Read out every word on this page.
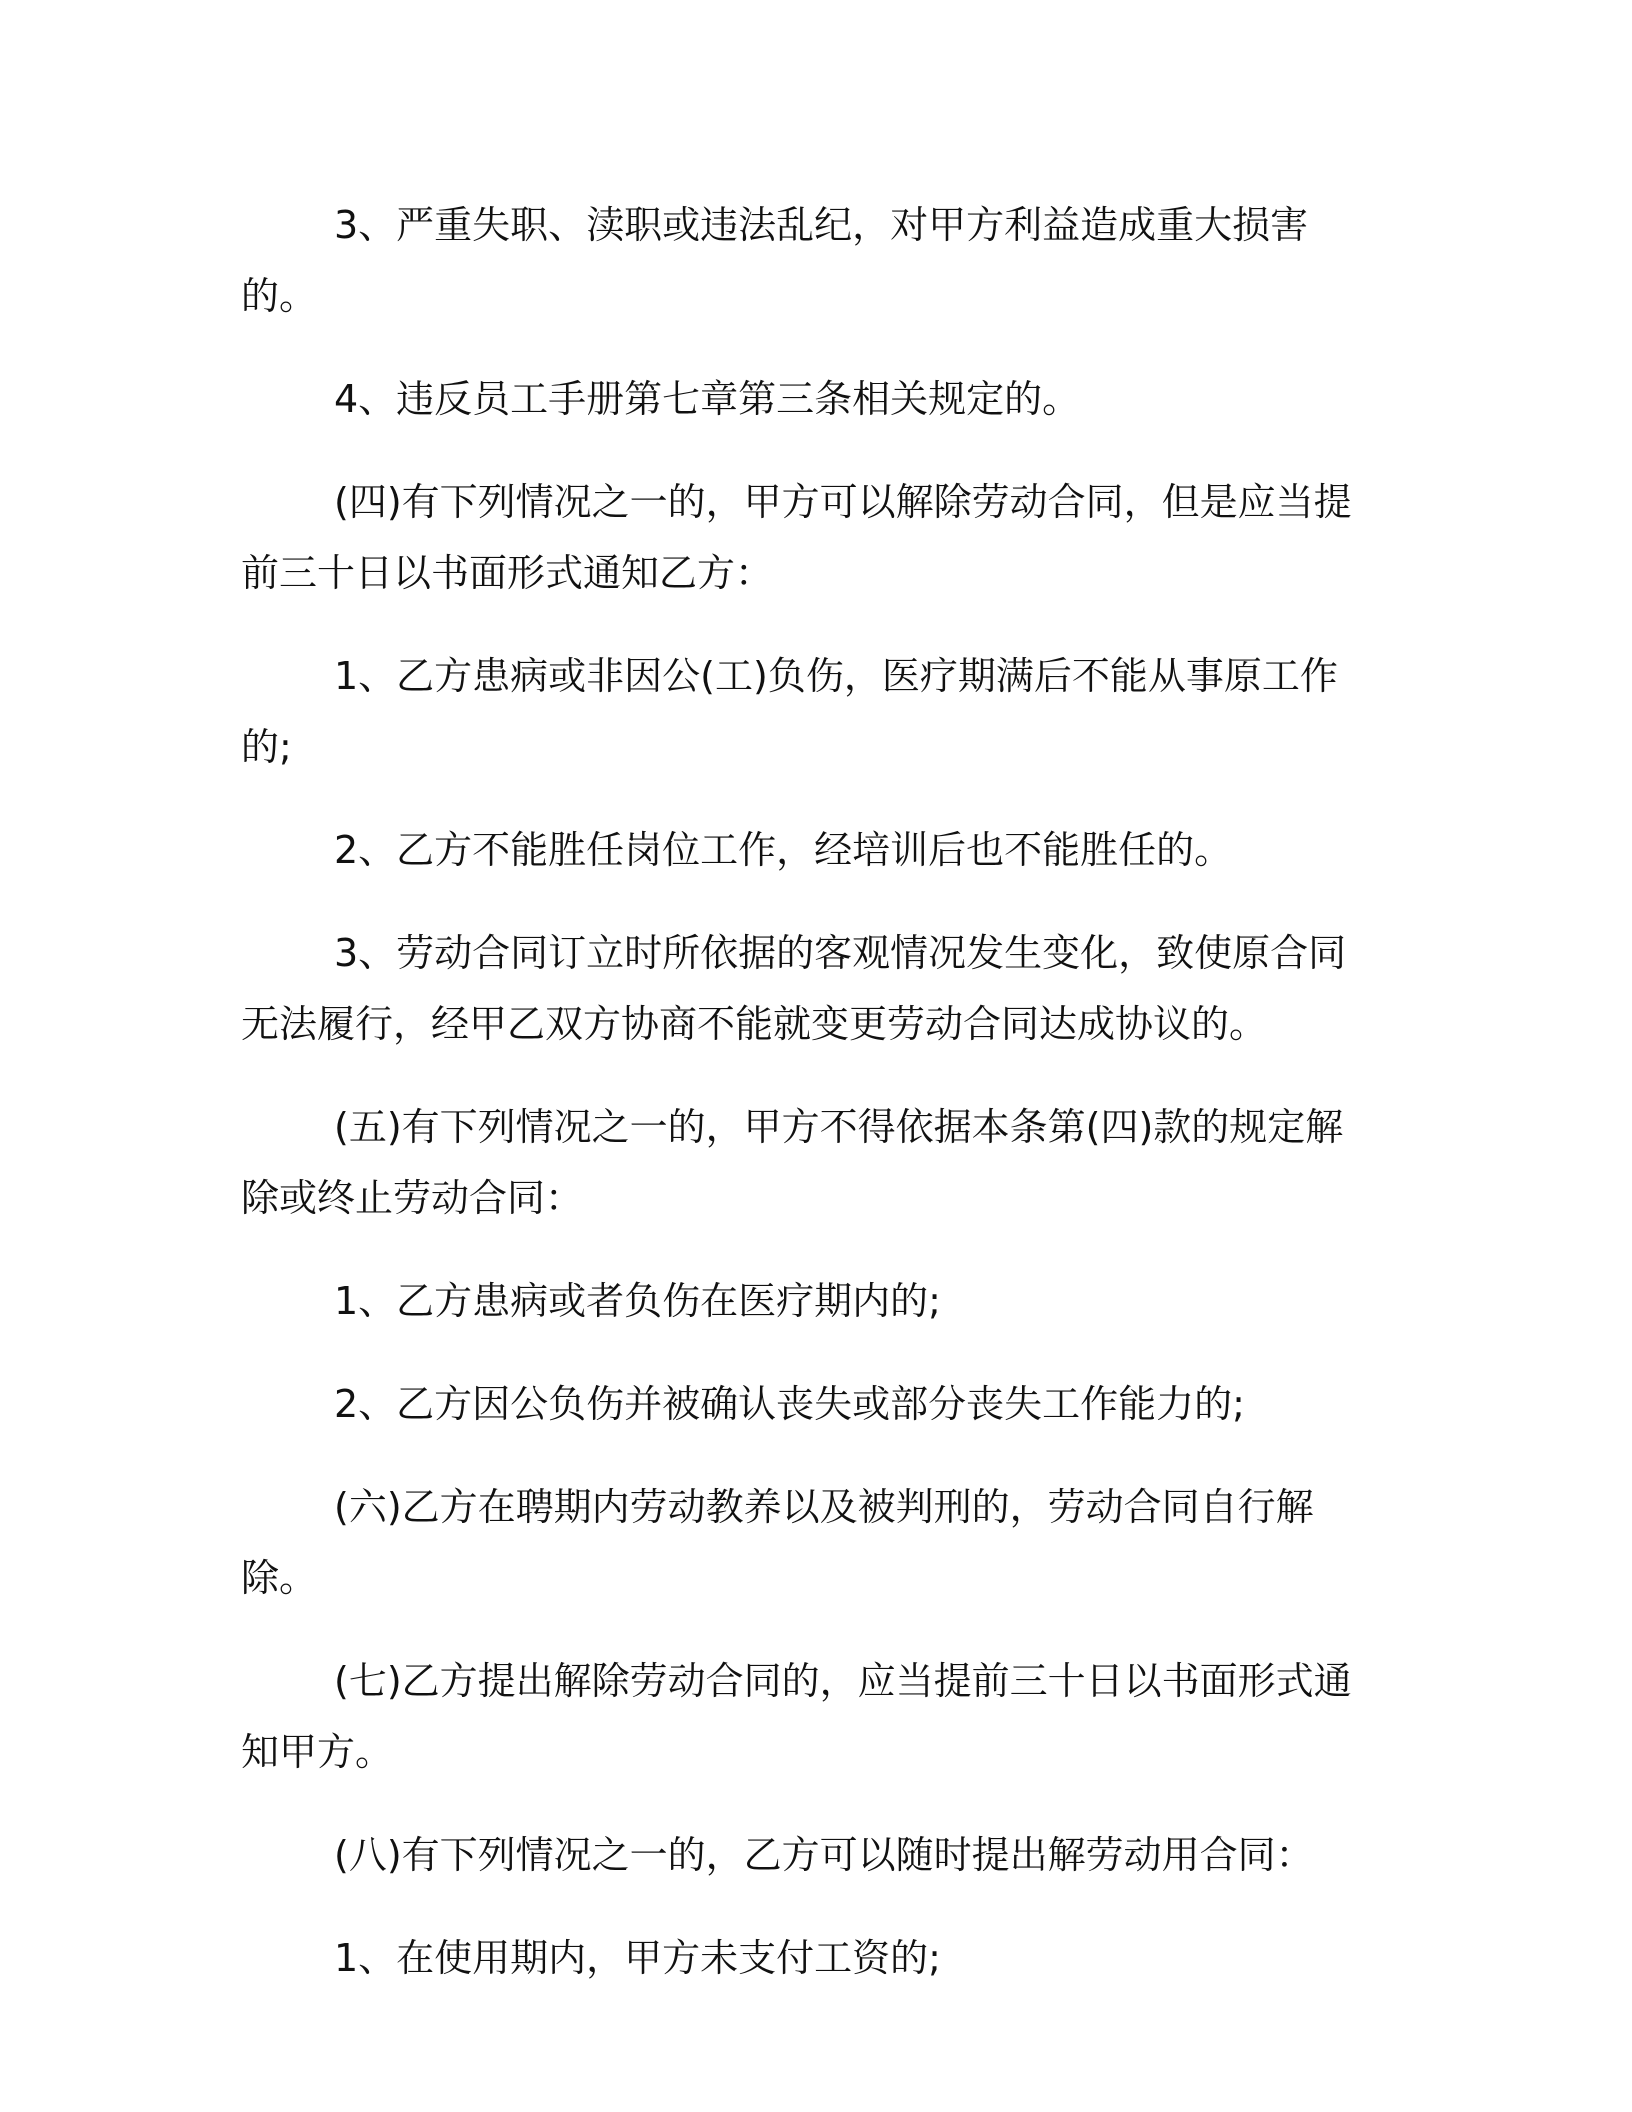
3、严重失职、渎职或违法乱纪，对甲方利益造成重大损害的。

4、违反员工手册第七章第三条相关规定的。

(四)有下列情况之一的，甲方可以解除劳动合同，但是应当提前三十日以书面形式通知乙方：

1、乙方患病或非因公(工)负伤，医疗期满后不能从事原工作的;

2、乙方不能胜任岗位工作，经培训后也不能胜任的。

3、劳动合同订立时所依据的客观情况发生变化，致使原合同无法履行，经甲乙双方协商不能就变更劳动合同达成协议的。

(五)有下列情况之一的，甲方不得依据本条第(四)款的规定解除或终止劳动合同：

1、乙方患病或者负伤在医疗期内的;

2、乙方因公负伤并被确认丧失或部分丧失工作能力的;

(六)乙方在聘期内劳动教养以及被判刑的，劳动合同自行解除。

(七)乙方提出解除劳动合同的，应当提前三十日以书面形式通知甲方。

(八)有下列情况之一的，乙方可以随时提出解劳动用合同：

1、在使用期内，甲方未支付工资的;
